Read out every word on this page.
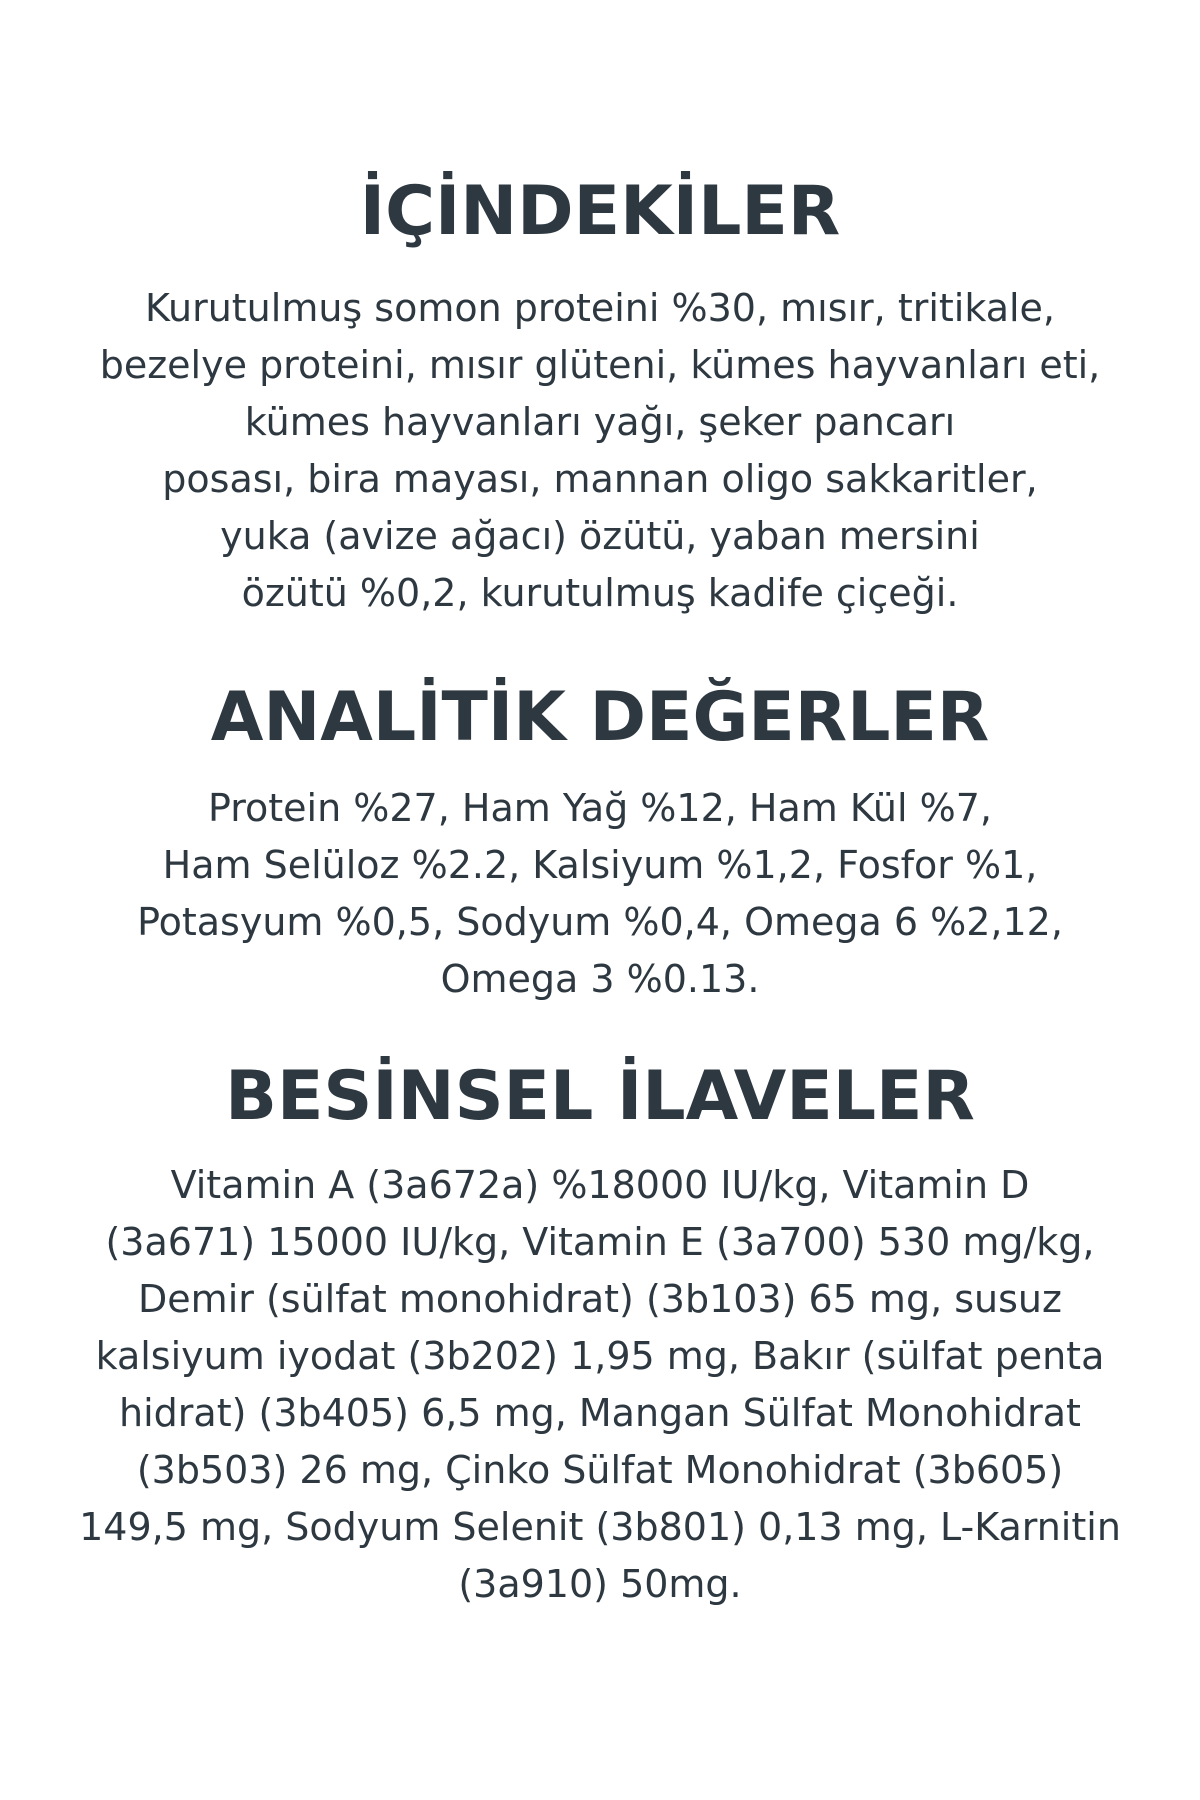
İÇİNDEKİLER

Kurutulmuş somon proteini %30, mısır, tritikale,
bezelye proteini, mısır glüteni, kümes hayvanları eti,
kümes hayvanları yağı, şeker pancarı
posası, bira mayası, mannan oligo sakkaritler,
yuka (avize ağacı) özütü, yaban mersini
özütü %0,2, kurutulmuş kadife çiçeği.

ANALİTİK DEĞERLER

Protein %27, Ham Yağ %12, Ham Kül %7,
Ham Selüloz %2.2, Kalsiyum %1,2, Fosfor %1,
Potasyum %0,5, Sodyum %0,4, Omega 6 %2,12,
Omega 3 %0.13.

BESİNSEL İLAVELER

Vitamin A (3a672a) %18000 IU/kg, Vitamin D
(3a671) 15000 IU/kg, Vitamin E (3a700) 530 mg/kg,
Demir (sülfat monohidrat) (3b103) 65 mg, susuz
kalsiyum iyodat (3b202) 1,95 mg, Bakır (sülfat penta
hidrat) (3b405) 6,5 mg, Mangan Sülfat Monohidrat
(3b503) 26 mg, Çinko Sülfat Monohidrat (3b605)
149,5 mg, Sodyum Selenit (3b801) 0,13 mg, L-Karnitin
(3a910) 50mg.
